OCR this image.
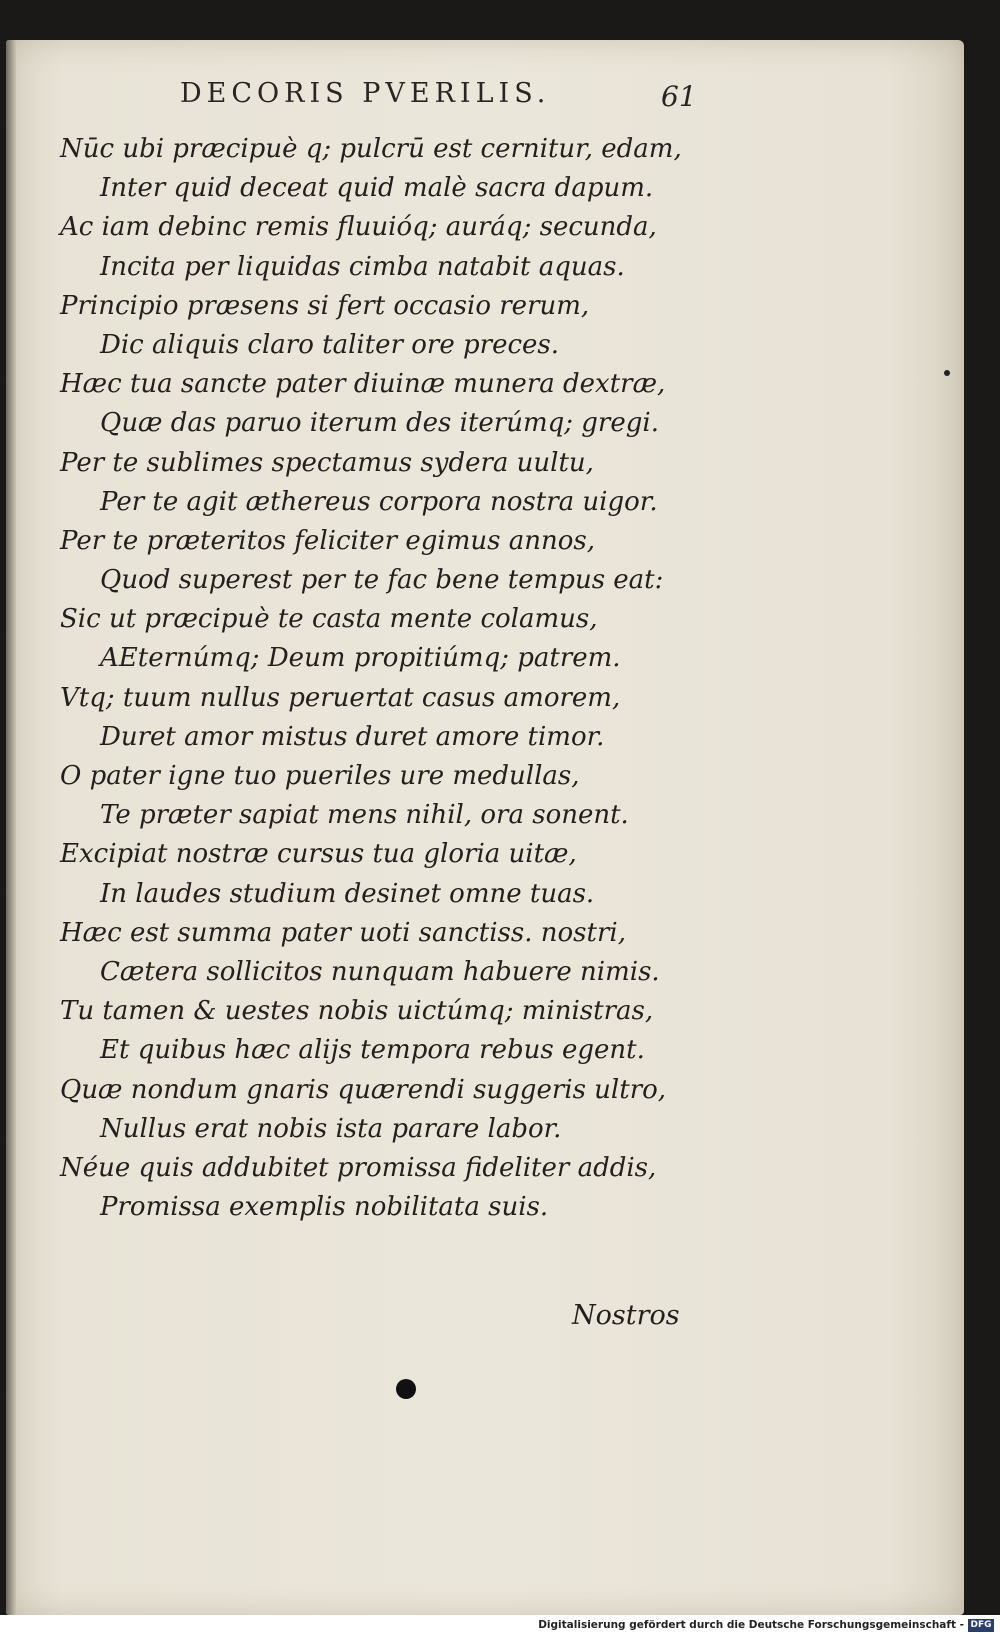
DECORIS PVERILIS.	61
Nūc ubi præcipuè q; pulcrū est cernitur, edam,
Inter quid deceat quid malè sacra dapum.
Ac iam debinc remis fluuióq; auráq; secunda,
Incita per liquidas cimba natabit aquas.
Principio præsens si fert occasio rerum,
Dic aliquis claro taliter ore preces.
Hæc tua sancte pater diuinæ munera dextræ,
Quæ das paruo iterum des iterúmq; gregi.
Per te sublimes spectamus sydera uultu,
Per te agit æthereus corpora nostra uigor.
Per te præteritos feliciter egimus annos,
Quod superest per te fac bene tempus eat:
Sic ut præcipuè te casta mente colamus,
AEternúmq; Deum propitiúmq; patrem.
Vtq; tuum nullus peruertat casus amorem,
Duret amor mistus duret amore timor.
O pater igne tuo pueriles ure medullas,
Te præter sapiat mens nihil, ora sonent.
Excipiat nostræ cursus tua gloria uitæ,
In laudes studium desinet omne tuas.
Hæc est summa pater uoti sanctiss. nostri,
Cætera sollicitos nunquam habuere nimis.
Tu tamen & uestes nobis uictúmq; ministras,
Et quibus hæc alijs tempora rebus egent.
Quæ nondum gnaris quærendi suggeris ultro,
Nullus erat nobis ista parare labor.
Néue quis addubitet promissa fideliter addis,
Promissa exemplis nobilitata suis.
Nostros
Digitalisierung gefördert durch die Deutsche Forschungsgemeinschaft - DFG
